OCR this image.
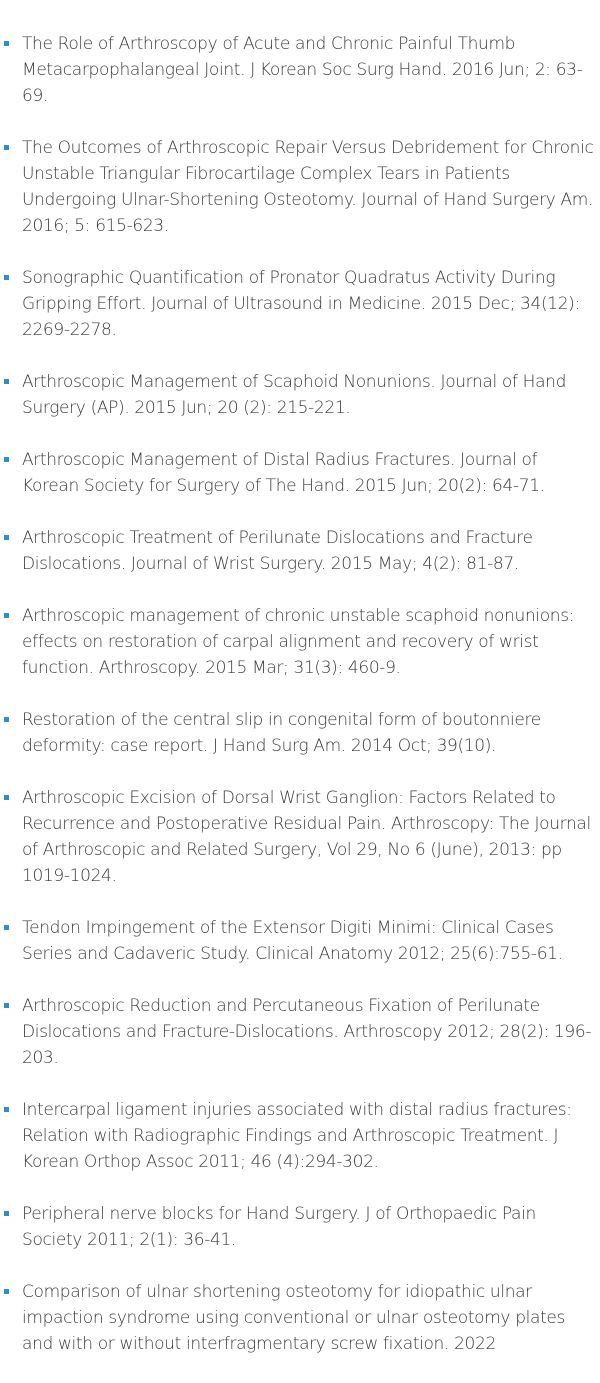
The Role of Arthroscopy of Acute and Chronic Painful Thumb Metacarpophalangeal Joint. J Korean Soc Surg Hand. 2016 Jun; 2: 63-69.
The Outcomes of Arthroscopic Repair Versus Debridement for Chronic Unstable Triangular Fibrocartilage Complex Tears in Patients Undergoing Ulnar-Shortening Osteotomy. Journal of Hand Surgery Am. 2016; 5: 615-623.
Sonographic Quantification of Pronator Quadratus Activity During Gripping Effort. Journal of Ultrasound in Medicine. 2015 Dec; 34(12): 2269-2278.
Arthroscopic Management of Scaphoid Nonunions. Journal of Hand Surgery (AP). 2015 Jun; 20 (2): 215-221.
Arthroscopic Management of Distal Radius Fractures. Journal of Korean Society for Surgery of The Hand. 2015 Jun; 20(2): 64-71.
Arthroscopic Treatment of Perilunate Dislocations and Fracture Dislocations. Journal of Wrist Surgery. 2015 May; 4(2): 81-87.
Arthroscopic management of chronic unstable scaphoid nonunions: effects on restoration of carpal alignment and recovery of wrist function. Arthroscopy. 2015 Mar; 31(3): 460-9.
Restoration of the central slip in congenital form of boutonniere deformity: case report. J Hand Surg Am. 2014 Oct; 39(10).
Arthroscopic Excision of Dorsal Wrist Ganglion: Factors Related to Recurrence and Postoperative Residual Pain. Arthroscopy: The Journal of Arthroscopic and Related Surgery, Vol 29, No 6 (June), 2013: pp 1019-1024.
Tendon Impingement of the Extensor Digiti Minimi: Clinical Cases Series and Cadaveric Study. Clinical Anatomy 2012; 25(6):755-61.
Arthroscopic Reduction and Percutaneous Fixation of Perilunate Dislocations and Fracture-Dislocations. Arthroscopy 2012; 28(2): 196-203.
Intercarpal ligament injuries associated with distal radius fractures: Relation with Radiographic Findings and Arthroscopic Treatment. J Korean Orthop Assoc 2011; 46 (4):294-302.
Peripheral nerve blocks for Hand Surgery. J of Orthopaedic Pain Society 2011; 2(1): 36-41.
Comparison of ulnar shortening osteotomy for idiopathic ulnar impaction syndrome using conventional or ulnar osteotomy plates and with or without interfragmentary screw fixation. 2022
